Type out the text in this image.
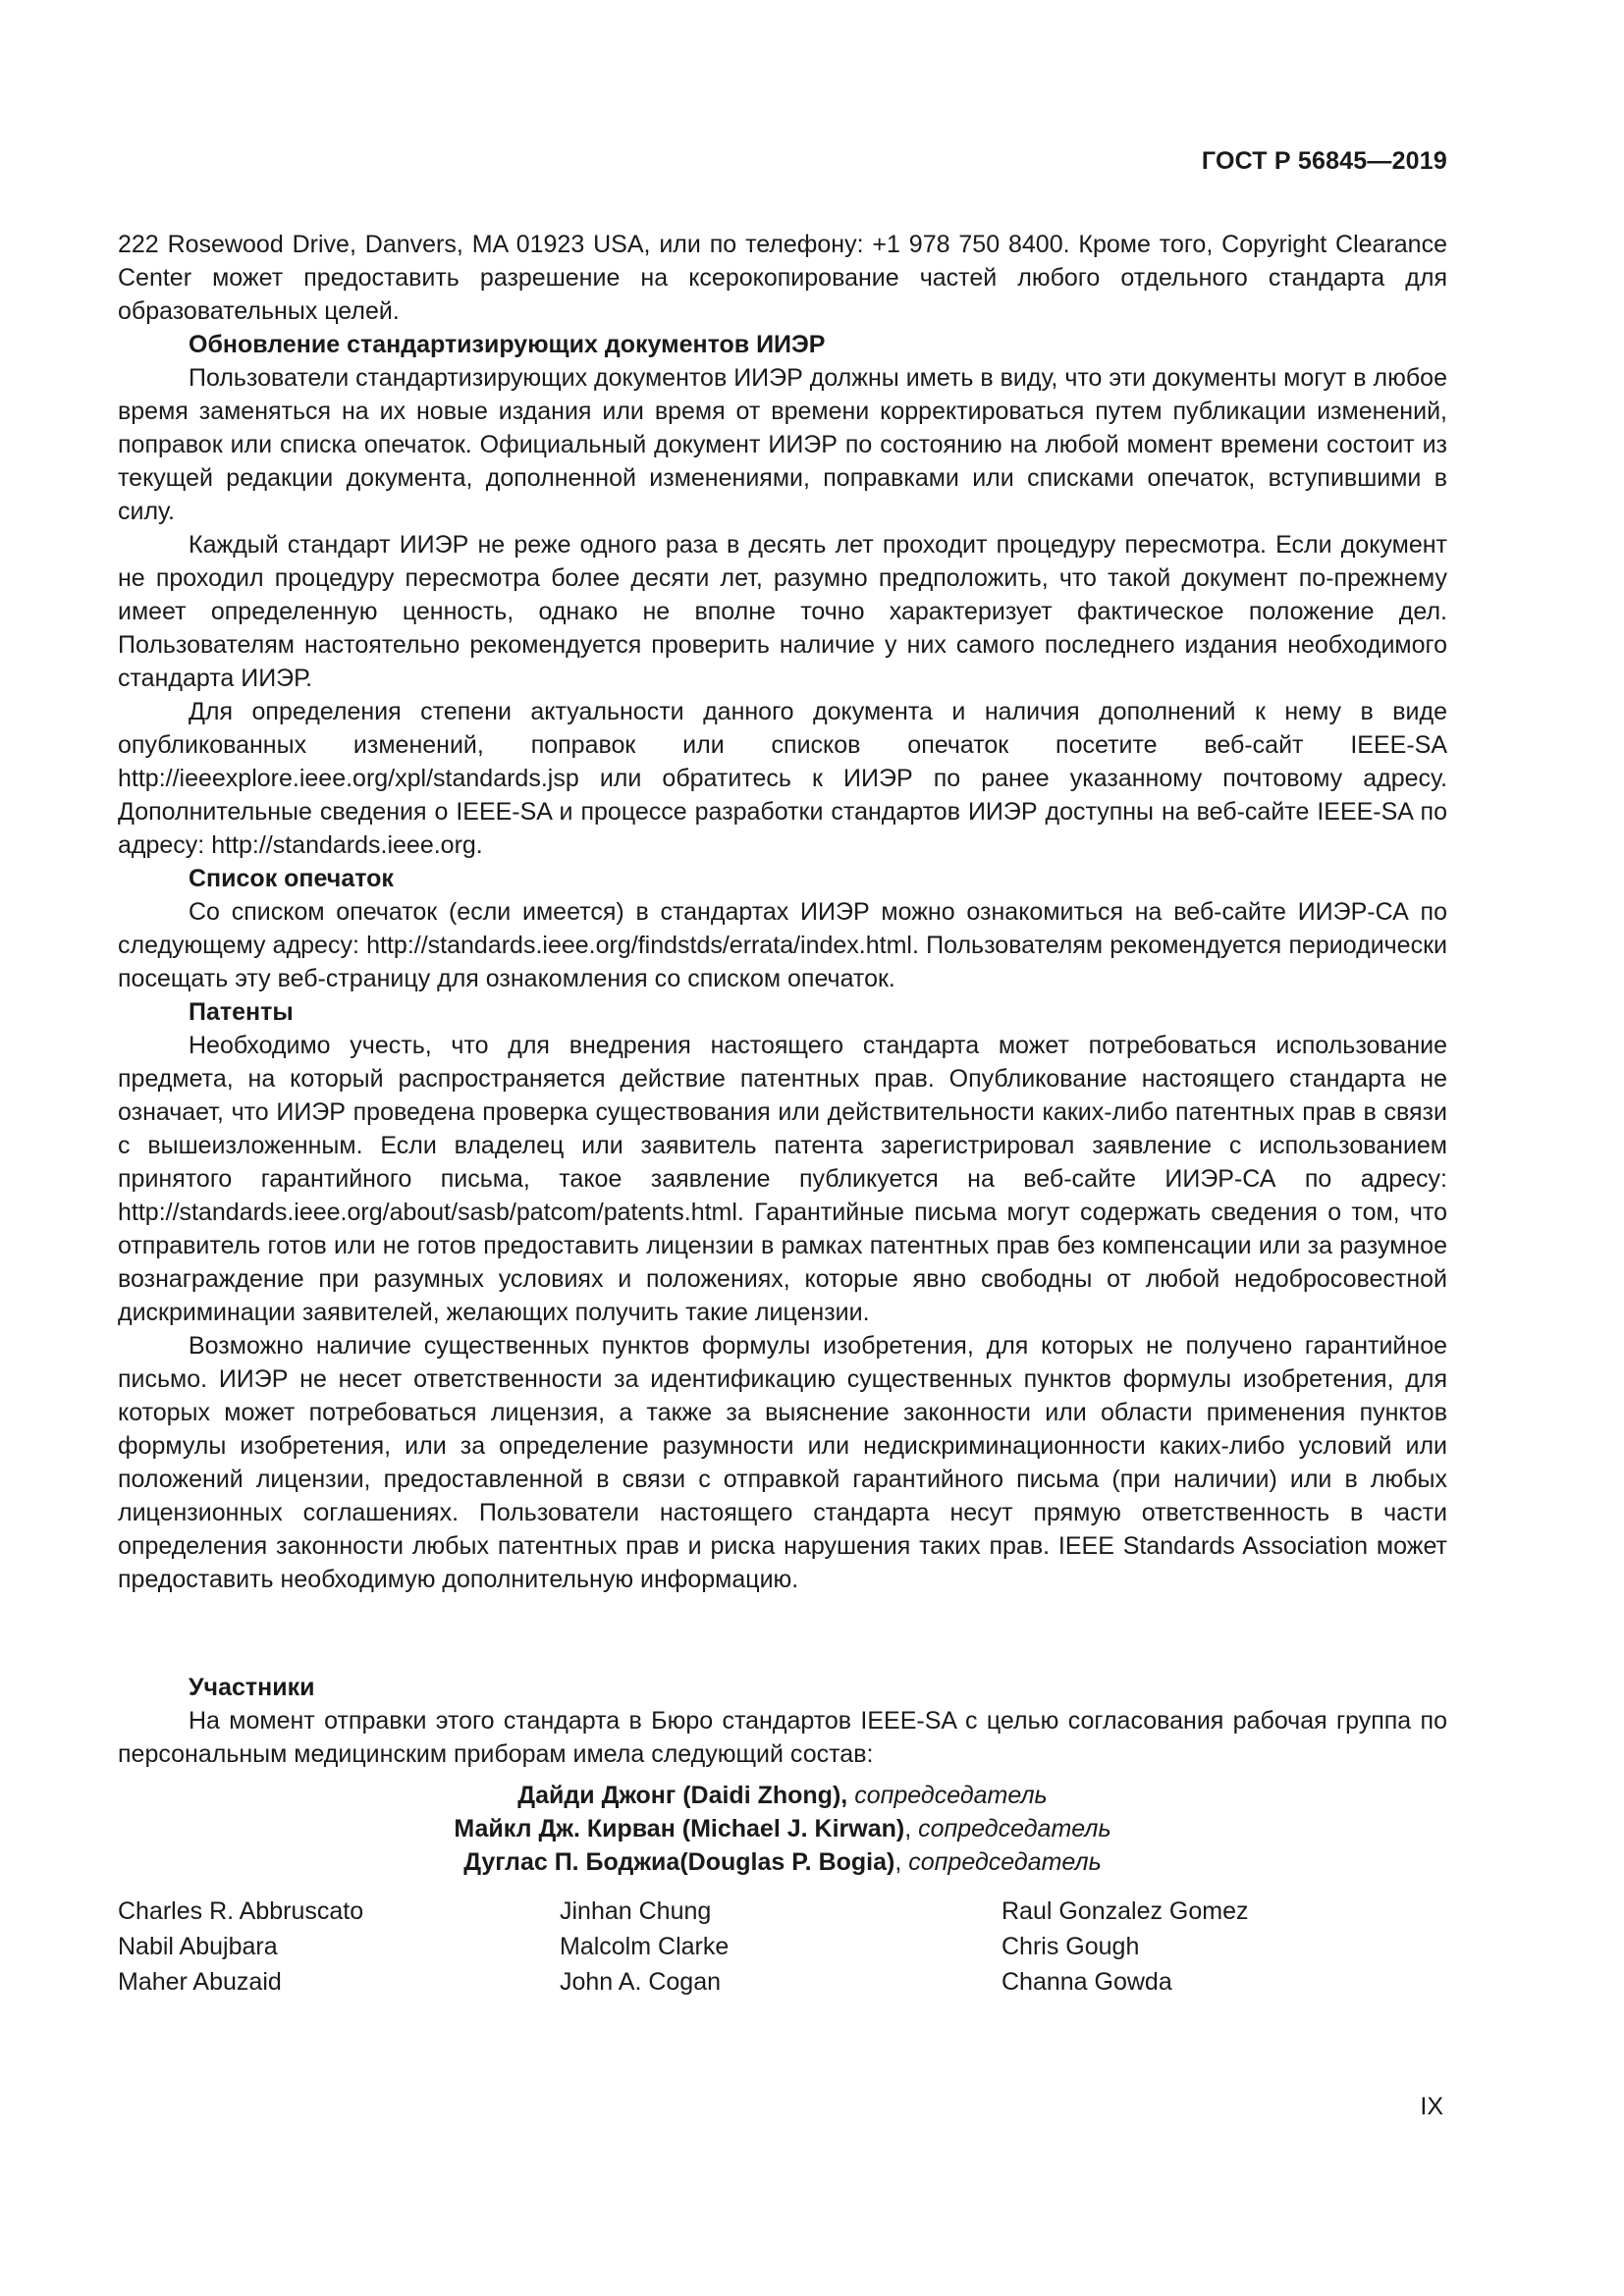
ГОСТ Р 56845—2019

222 Rosewood Drive, Danvers, MA 01923 USA, или по телефону: +1 978 750 8400. Кроме того, Copyright Clearance Center может предоставить разрешение на ксерокопирование частей любого отдельного стандарта для образовательных целей.

Обновление стандартизирующих документов ИИЭР

Пользователи стандартизирующих документов ИИЭР должны иметь в виду, что эти документы могут в любое время заменяться на их новые издания или время от времени корректироваться путем публикации изменений, поправок или списка опечаток. Официальный документ ИИЭР по состоянию на любой момент времени состоит из текущей редакции документа, дополненной изменениями, поправками или списками опечаток, вступившими в силу.

Каждый стандарт ИИЭР не реже одного раза в десять лет проходит процедуру пересмотра. Если документ не проходил процедуру пересмотра более десяти лет, разумно предположить, что такой документ по-прежнему имеет определенную ценность, однако не вполне точно характеризует фактическое положение дел. Пользователям настоятельно рекомендуется проверить наличие у них самого последнего издания необходимого стандарта ИИЭР.

Для определения степени актуальности данного документа и наличия дополнений к нему в виде опубликованных изменений, поправок или списков опечаток посетите веб-сайт IEEE-SA http://ieeexplore.ieee.org/xpl/standards.jsp или обратитесь к ИИЭР по ранее указанному почтовому адресу. Дополнительные сведения о IEEE-SA и процессе разработки стандартов ИИЭР доступны на веб-сайте IEEE-SA по адресу: http://standards.ieee.org.

Список опечаток

Со списком опечаток (если имеется) в стандартах ИИЭР можно ознакомиться на веб-сайте ИИЭР-СА по следующему адресу: http://standards.ieee.org/findstds/errata/index.html. Пользователям рекомендуется периодически посещать эту веб-страницу для ознакомления со списком опечаток.

Патенты

Необходимо учесть, что для внедрения настоящего стандарта может потребоваться использование предмета, на который распространяется действие патентных прав. Опубликование настоящего стандарта не означает, что ИИЭР проведена проверка существования или действительности каких-либо патентных прав в связи с вышеизложенным. Если владелец или заявитель патента зарегистрировал заявление с использованием принятого гарантийного письма, такое заявление публикуется на веб-сайте ИИЭР-СА по адресу: http://standards.ieee.org/about/sasb/patcom/patents.html. Гарантийные письма могут содержать сведения о том, что отправитель готов или не готов предоставить лицензии в рамках патентных прав без компенсации или за разумное вознаграждение при разумных условиях и положениях, которые явно свободны от любой недобросовестной дискриминации заявителей, желающих получить такие лицензии.

Возможно наличие существенных пунктов формулы изобретения, для которых не получено гарантийное письмо. ИИЭР не несет ответственности за идентификацию существенных пунктов формулы изобретения, для которых может потребоваться лицензия, а также за выяснение законности или области применения пунктов формулы изобретения, или за определение разумности или недискриминационности каких-либо условий или положений лицензии, предоставленной в связи с отправкой гарантийного письма (при наличии) или в любых лицензионных соглашениях. Пользователи настоящего стандарта несут прямую ответственность в части определения законности любых патентных прав и риска нарушения таких прав. IEEE Standards Association может предоставить необходимую дополнительную информацию.

Участники

На момент отправки этого стандарта в Бюро стандартов IEEE-SA с целью согласования рабочая группа по персональным медицинским приборам имела следующий состав:

Дайди Джонг (Daidi Zhong), сопредседатель
Майкл Дж. Кирван (Michael J. Kirwan), сопредседатель
Дуглас П. Боджиа(Douglas P. Bogia), сопредседатель
Charles R. Abbruscato	Jinhan Chung	Raul Gonzalez Gomez
Nabil Abujbara	Malcolm Clarke	Chris Gough
Maher Abuzaid	John A. Cogan	Channa Gowda
IX
